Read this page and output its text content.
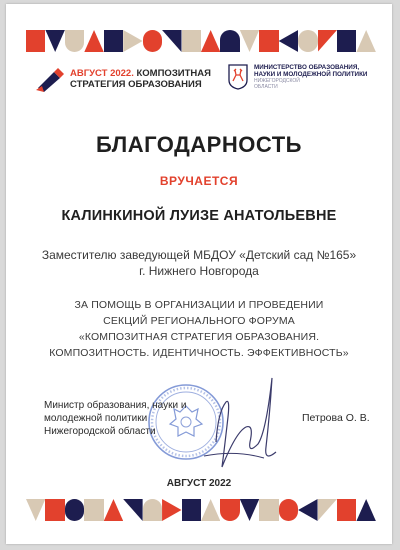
АВГУСТ 2022. КОМПОЗИТНАЯ
СТРАТЕГИЯ ОБРАЗОВАНИЯ
МИНИСТЕРСТВО ОБРАЗОВАНИЯ,
НАУКИ И МОЛОДЕЖНОЙ ПОЛИТИКИ
НИЖЕГОРОДСКОЙ
ОБЛАСТИ
БЛАГОДАРНОСТЬ
ВРУЧАЕТСЯ
КАЛИНКИНОЙ ЛУИЗЕ АНАТОЛЬЕВНЕ
Заместителю заведующей МБДОУ «Детский сад №165»
г. Нижнего Новгорода
ЗА ПОМОЩЬ В ОРГАНИЗАЦИИ И ПРОВЕДЕНИИ
СЕКЦИЙ РЕГИОНАЛЬНОГО ФОРУМА
«КОМПОЗИТНАЯ СТРАТЕГИЯ ОБРАЗОВАНИЯ.
КОМПОЗИТНОСТЬ. ИДЕНТИЧНОСТЬ. ЭФФЕКТИВНОСТЬ»
Министр образования, науки и
молодежной политики
Нижегородской области
Петрова О. В.
АВГУСТ 2022
